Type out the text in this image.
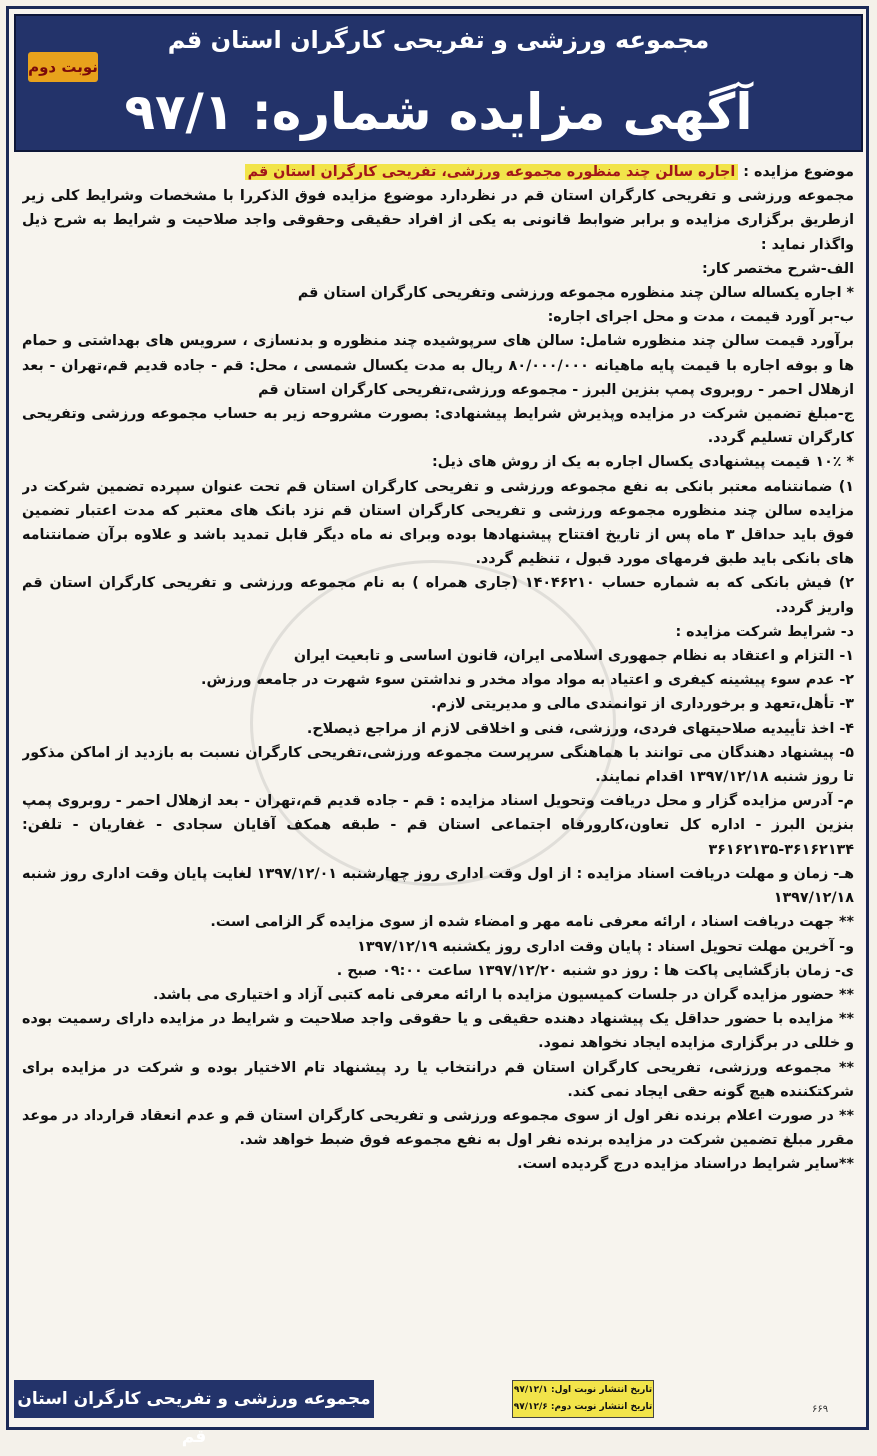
مجموعه ورزشی و تفریحی کارگران استان قم
نوبت دوم
آگهی مزایده شماره: ۹۷/۱

موضوع مزایده : اجاره سالن چند منظوره مجموعه ورزشی، تفریحی کارگران استان قم

مجموعه ورزشی و تفریحی کارگران استان قم در نظردارد موضوع مزایده فوق الذکررا با مشخصات وشرایط کلی زیر ازطریق برگزاری مزایده و برابر ضوابط قانونی به یکی از افراد حقیقی وحقوقی واجد صلاحیت و شرایط به شرح ذیل واگذار نماید :

الف-شرح مختصر کار:

* اجاره یکساله سالن چند منظوره مجموعه ورزشی وتفریحی کارگران استان قم

ب-بر آورد قیمت ، مدت و محل اجرای اجاره:

برآورد قیمت سالن چند منظوره شامل: سالن های سرپوشیده چند منظوره و بدنسازی ، سرویس های بهداشتی و حمام ها و بوفه اجاره با قیمت پایه ماهیانه ۸۰/۰۰۰/۰۰۰ ریال به مدت یکسال شمسی ، محل: قم - جاده قدیم قم،تهران - بعد ازهلال احمر - روبروی پمپ بنزین البرز - مجموعه ورزشی،تفریحی کارگران استان قم

ج-مبلغ تضمین شرکت در مزایده وپذیرش شرایط پیشنهادی: بصورت مشروحه زیر به حساب مجموعه ورزشی وتفریحی کارگران تسلیم گردد.

* ۱۰٪ قیمت پیشنهادی یکسال اجاره به یک از روش های ذیل:

۱) ضمانتنامه معتبر بانکی به نفع مجموعه ورزشی و تفریحی کارگران استان قم تحت عنوان سپرده تضمین شرکت در مزایده سالن چند منظوره مجموعه ورزشی و تفریحی کارگران استان قم نزد بانک های معتبر که مدت اعتبار تضمین فوق باید حداقل ۳ ماه پس از تاریخ افتتاح پیشنهادها بوده وبرای نه ماه دیگر قابل تمدید باشد و علاوه برآن ضمانتنامه های بانکی باید طبق فرمهای مورد قبول ، تنظیم گردد.

۲) فیش بانکی که به شماره حساب ۱۴۰۴۶۲۱۰ (جاری همراه ) به نام مجموعه ورزشی و تفریحی کارگران استان قم واریز گردد.

د- شرایط شرکت مزایده :

۱- التزام و اعتقاد به نظام جمهوری اسلامی ایران، قانون اساسی و تابعیت ایران

۲- عدم سوء پیشینه کیفری و اعتیاد به مواد مواد مخدر و نداشتن سوء شهرت در جامعه ورزش.

۳- تأهل،تعهد و برخورداری از توانمندی مالی و مدیریتی لازم.

۴- اخذ تأییدیه صلاحیتهای فردی، ورزشی، فنی و اخلاقی لازم از مراجع ذیصلاح.

۵- پیشنهاد دهندگان می توانند با هماهنگی سرپرست مجموعه ورزشی،تفریحی کارگران نسبت به بازدید از اماکن مذکور تا روز شنبه ۱۳۹۷/۱۲/۱۸ اقدام نمایند.

م- آدرس مزایده گزار و محل دریافت وتحویل اسناد مزایده : قم - جاده قدیم قم،تهران - بعد ازهلال احمر - روبروی پمپ بنزین البرز - اداره کل تعاون،کارورفاه اجتماعی استان قم - طبقه همکف آقایان سجادی - غفاریان - تلفن: ۳۶۱۶۲۱۳۴-۳۶۱۶۲۱۳۵

هـ- زمان و مهلت دریافت اسناد مزایده : از اول وقت اداری روز چهارشنبه ۱۳۹۷/۱۲/۰۱ لغایت پایان وقت اداری روز شنبه ۱۳۹۷/۱۲/۱۸

** جهت دریافت اسناد ، ارائه معرفی نامه مهر و امضاء شده از سوی مزایده گر الزامی است.

و- آخرین مهلت تحویل اسناد : پایان وقت اداری روز یکشنبه ۱۳۹۷/۱۲/۱۹

ی- زمان بازگشایی پاکت ها : روز دو شنبه ۱۳۹۷/۱۲/۲۰ ساعت ۰۹:۰۰ صبح .

** حضور مزایده گران در جلسات کمیسیون مزایده با ارائه معرفی نامه کتبی آزاد و اختیاری می باشد.

** مزایده با حضور حداقل یک پیشنهاد دهنده حقیقی و یا حقوقی واجد صلاحیت و شرایط در مزایده دارای رسمیت بوده و خللی در برگزاری مزایده ایجاد نخواهد نمود.

** مجموعه ورزشی، تفریحی کارگران استان قم درانتخاب یا رد پیشنهاد تام الاختیار بوده و شرکت در مزایده برای شرکتکننده هیچ گونه حقی ایجاد نمی کند.

** در صورت اعلام برنده نفر اول از سوی مجموعه ورزشی و تفریحی کارگران استان قم و عدم انعقاد قرارداد در موعد مقرر مبلغ تضمین شرکت در مزایده برنده نفر اول به نفع مجموعه فوق ضبط خواهد شد.

**سایر شرایط دراسناد مزایده درج گردیده است.

مجموعه ورزشی و تفریحی کارگران استان قم
تاریخ انتشار نوبت اول: ۹۷/۱۲/۱
تاریخ انتشار نوبت دوم: ۹۷/۱۲/۶	۶۶۹
